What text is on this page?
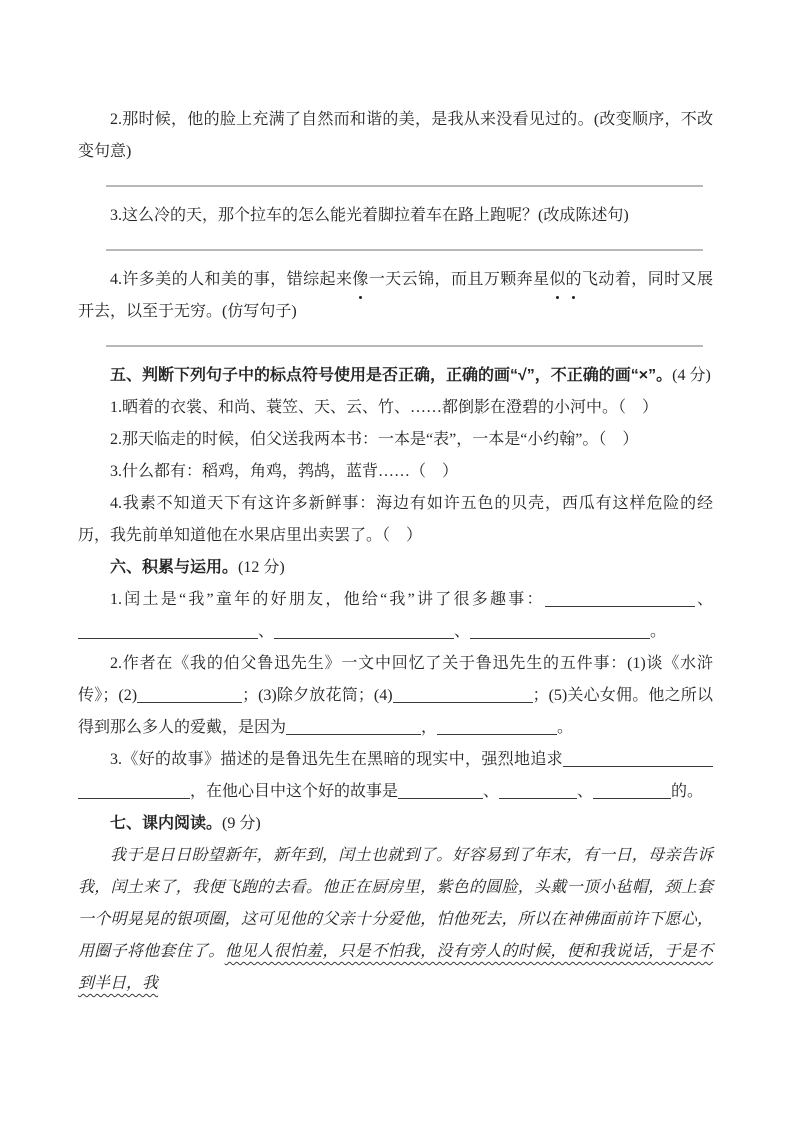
2.那时候，他的脸上充满了自然而和谐的美，是我从来没看见过的。(改变顺序，不改变句意)

3.这么冷的天，那个拉车的怎么能光着脚拉着车在路上跑呢？(改成陈述句)

4.许多美的人和美的事，错综起来像一天云锦，而且万颗奔星似的飞动着，同时又展开去，以至于无穷。(仿写句子)

五、判断下列句子中的标点符号使用是否正确，正确的画“√”，不正确的画“×”。(4 分)

1.晒着的衣裳、和尚、蓑笠、天、云、竹、……都倒影在澄碧的小河中。（　）

2.那天临走的时候，伯父送我两本书：一本是“表”，一本是“小约翰”。（　）

3.什么都有：稻鸡，角鸡，鹁鸪，蓝背……（　）

4.我素不知道天下有这许多新鲜事：海边有如许五色的贝壳，西瓜有这样危险的经历，我先前单知道他在水果店里出卖罢了。（　）

六、积累与运用。(12 分)

1.闰土是“我”童年的好朋友，他给“我”讲了很多趣事：	、、	、	。

2.作者在《我的伯父鲁迅先生》一文中回忆了关于鲁迅先生的五件事：(1)谈《水浒传》；(2)	；(3)除夕放花筒；(4)	；(5)关心女佣。他之所以得到那么多人的爱戴，是因为	，	。

3.《好的故事》描述的是鲁迅先生在黑暗的现实中，强烈地追求，在他心目中这个好的故事是	、	、	的。

七、课内阅读。(9 分)

我于是日日盼望新年，新年到，闰土也就到了。好容易到了年末，有一日，母亲告诉我，闰土来了，我便飞跑的去看。他正在厨房里，紫色的圆脸，头戴一顶小毡帽，颈上套一个明晃晃的银项圈，这可见他的父亲十分爱他，怕他死去，所以在神佛面前许下愿心，用圈子将他套住了。他见人很怕羞，只是不怕我，没有旁人的时候，便和我说话，于是不到半日，我
